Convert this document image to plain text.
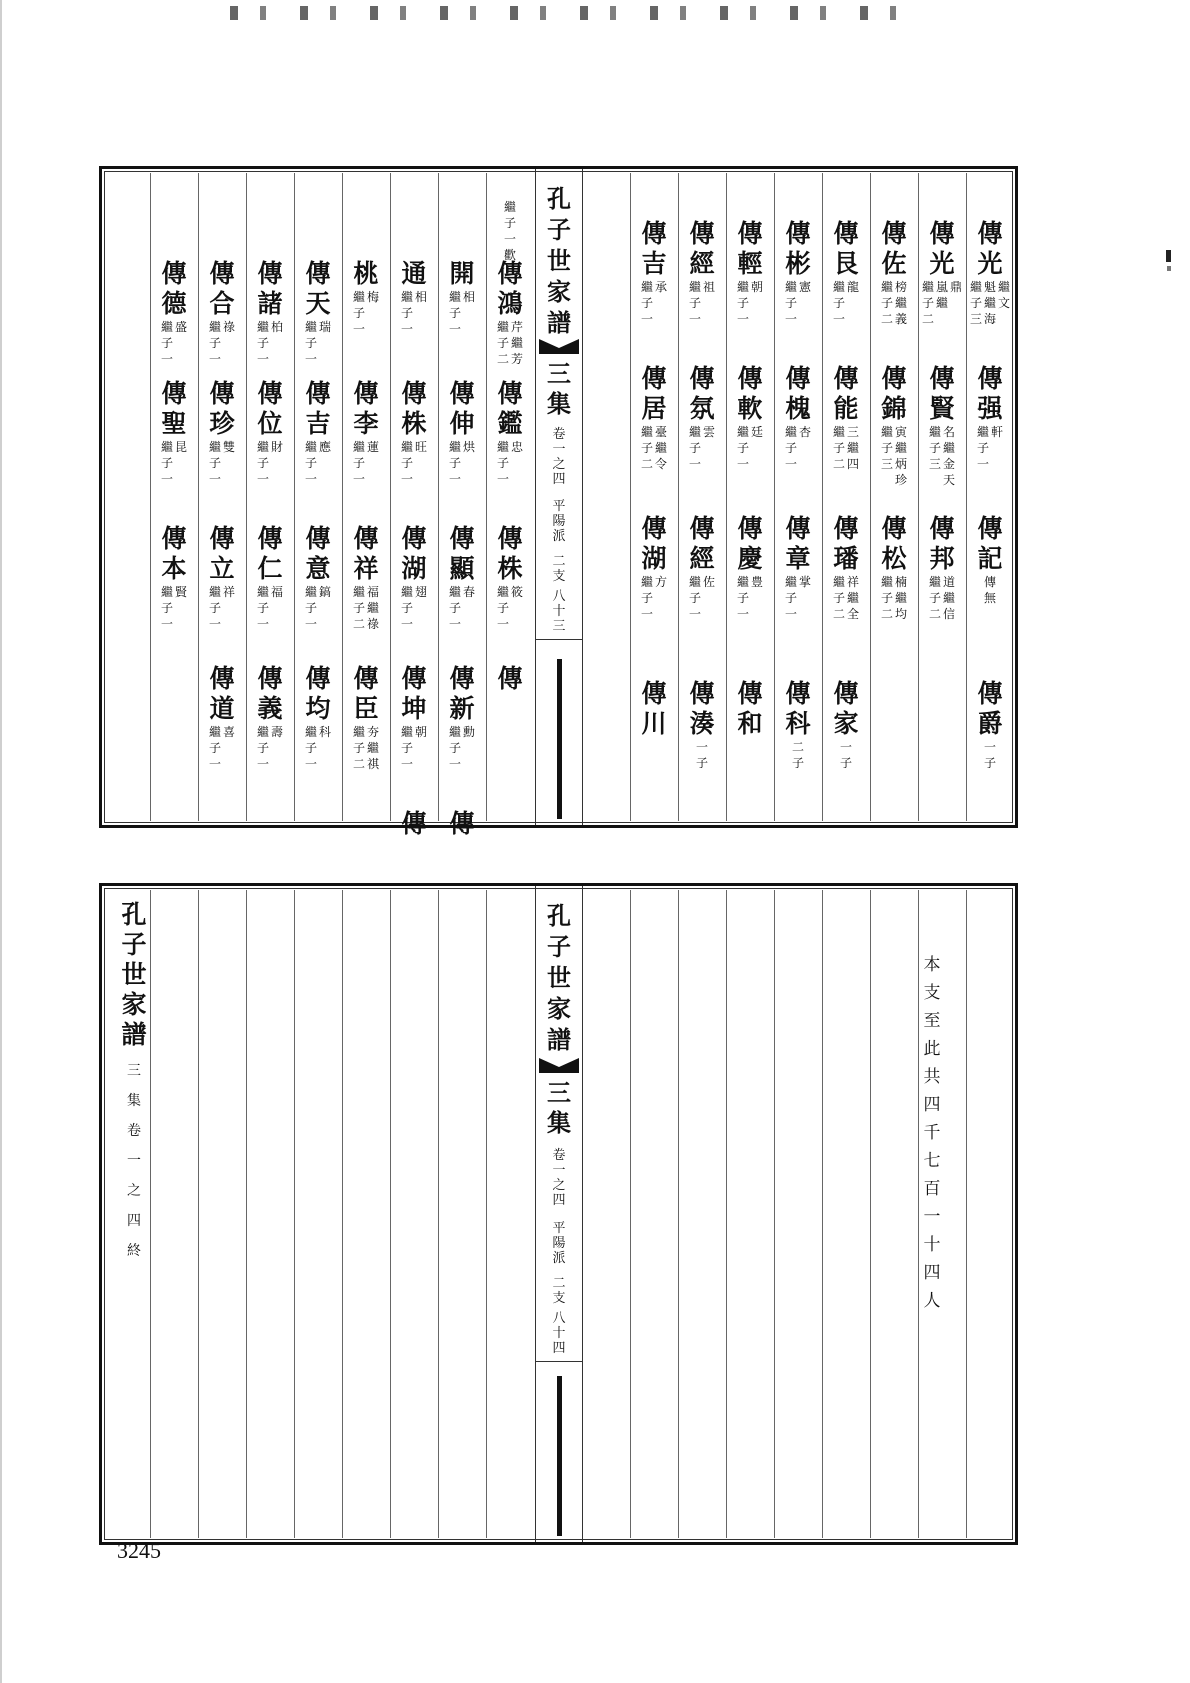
孔子世家譜
三集
卷一之四
平陽派
二支
八十三
傳
光
繼
子
三
魁
繼
海
繼
文
傳
强
繼
子
一
軒
傳
記
傳
無
傳
爵
一
子
傳
光
繼
子
二
嵐
繼
鼎
傳
賢
繼
子
三
名
繼
金
天
傳
邦
繼
子
二
道
繼
信
傳
佐
繼
子
二
榜
繼
義
傳
錦
繼
子
三
寅
繼
炳
珍
傳
松
繼
子
二
楠
繼
均
傳
艮
繼
子
一
龍
傳
能
繼
子
二
三
繼
四
傳
璠
繼
子
二
祥
繼
全
傳
家
一
子
傳
彬
繼
子
一
憲
傳
槐
繼
子
一
杏
傳
章
繼
子
一
掌
傳
科
二
子
傳
輕
繼
子
一
朝
傳
軟
繼
子
一
廷
傳
慶
繼
子
一
豊
傳
和
傳
經
繼
子
一
祖
傳
氛
繼
子
一
雲
傳
經
繼
子
一
佐
傳
湊
一
子
傳
吉
繼
子
一
承
傳
居
繼
子
二
臺
繼
令
傳
湖
繼
子
一
方
傳
川
繼
子
一
歡
傳
鴻
繼
子
二
芹
繼
芳
傳
鑑
繼
子
一
忠
傳
株
繼
子
一
筱
傳
開
繼
子
一
相
傳
伸
繼
子
一
烘
傳
顯
繼
子
一
春
傳
新
繼
子
一
勳
傳
通
繼
子
一
相
傳
株
繼
子
一
旺
傳
湖
繼
子
一
翅
傳
坤
繼
子
一
朝
傳
桃
繼
子
一
梅
傳
李
繼
子
一
蓮
傳
祥
繼
子
二
福
繼
祿
傳
臣
繼
子
二
夯
繼
祺
傳
天
繼
子
一
瑞
傳
吉
繼
子
一
應
傳
意
繼
子
一
鎬
傳
均
繼
子
一
科
傳
諸
繼
子
一
柏
傳
位
繼
子
一
財
傳
仁
繼
子
一
福
傳
義
繼
子
一
壽
傳
合
繼
子
一
祿
傳
珍
繼
子
一
雙
傳
立
繼
子
一
祥
傳
道
繼
子
一
喜
傳
德
繼
子
一
盛
傳
聖
繼
子
一
昆
傳
本
繼
子
一
賢
孔子世家譜
三集
卷一之四
平陽派
二支
八十四
孔
子
世
家
譜
三
集
卷
一
之
四
終
本
支
至
此
共
四
千
七
百
一
十
四
人
3245
